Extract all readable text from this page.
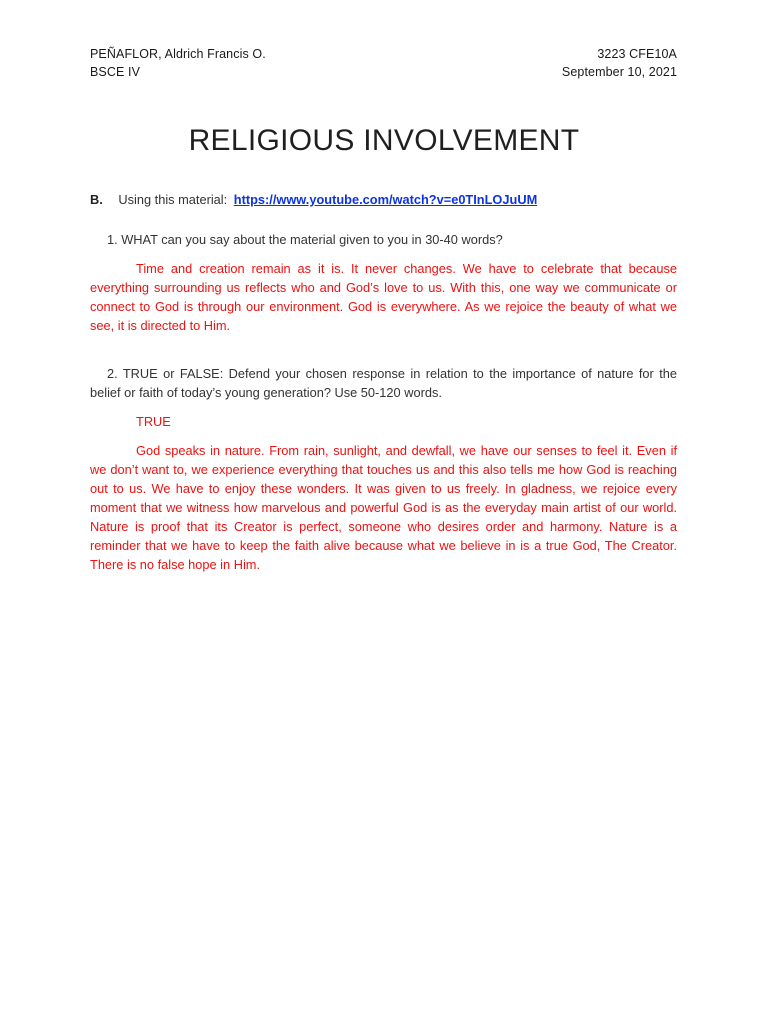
PEÑAFLOR, Aldrich Francis O.
BSCE IV
3223 CFE10A
September 10, 2021
RELIGIOUS INVOLVEMENT
B. Using this material: https://www.youtube.com/watch?v=e0TInLOJuUM
1. WHAT can you say about the material given to you in 30-40 words?
Time and creation remain as it is. It never changes. We have to celebrate that because everything surrounding us reflects who and God’s love to us. With this, one way we communicate or connect to God is through our environment. God is everywhere. As we rejoice the beauty of what we see, it is directed to Him.
2. TRUE or FALSE: Defend your chosen response in relation to the importance of nature for the belief or faith of today’s young generation? Use 50-120 words.
TRUE
God speaks in nature. From rain, sunlight, and dewfall, we have our senses to feel it. Even if we don’t want to, we experience everything that touches us and this also tells me how God is reaching out to us. We have to enjoy these wonders. It was given to us freely. In gladness, we rejoice every moment that we witness how marvelous and powerful God is as the everyday main artist of our world. Nature is proof that its Creator is perfect, someone who desires order and harmony. Nature is a reminder that we have to keep the faith alive because what we believe in is a true God, The Creator. There is no false hope in Him.
